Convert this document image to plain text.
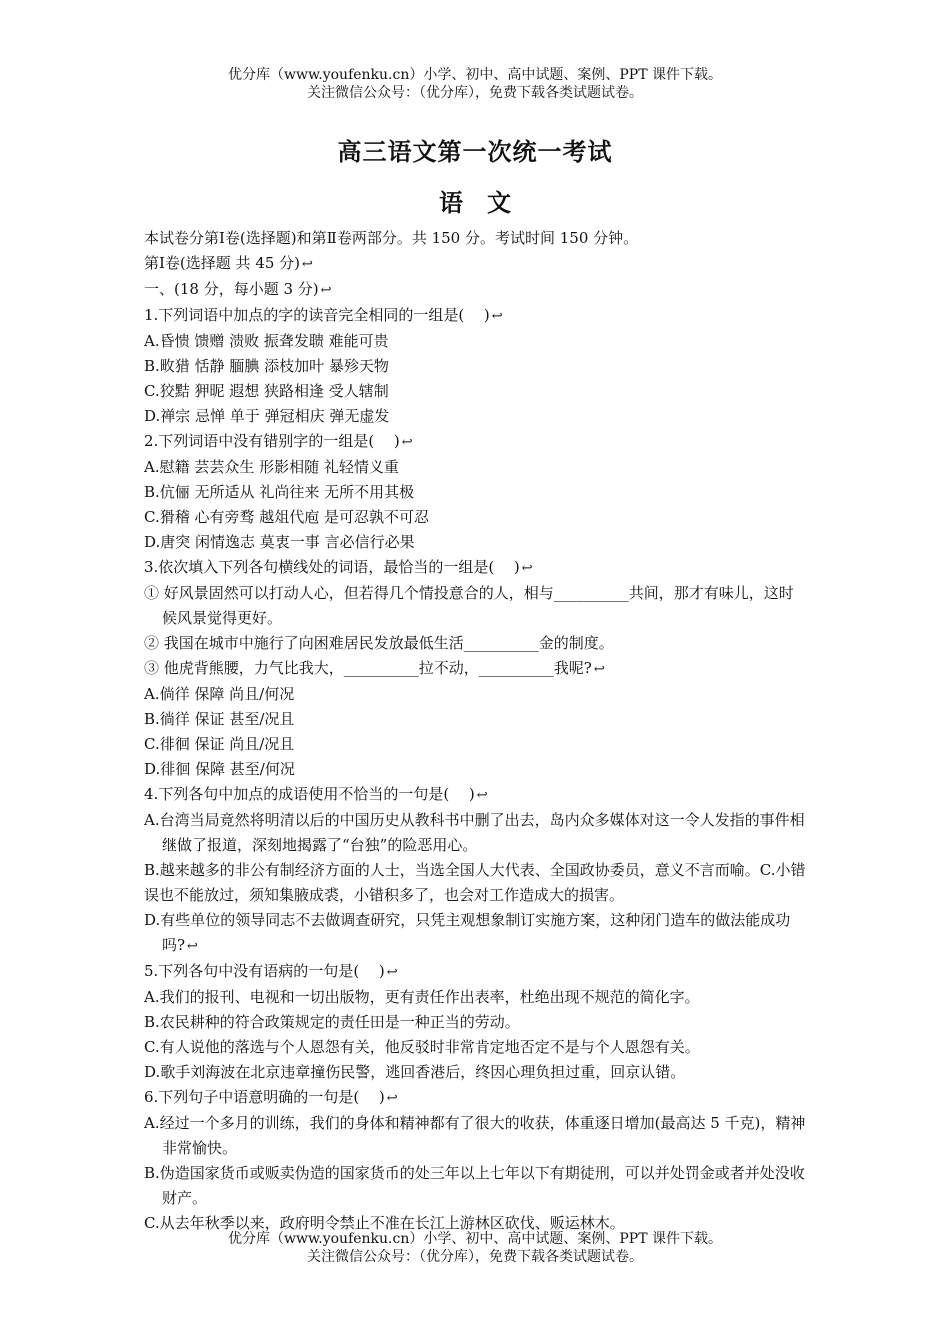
优分库（www.youfenku.cn）小学、初中、高中试题、案例、PPT 课件下载。
关注微信公众号：（优分库），免费下载各类试题试卷。
高三语文第一次统一考试
语　文
本试卷分第Ⅰ卷(选择题)和第Ⅱ卷两部分。共 150 分。考试时间 150 分钟。
第Ⅰ卷(选择题 共 45 分) ↩
一、(18 分，每小题 3 分) ↩
1.下列词语中加点的字的读音完全相同的一组是(　 ) ↩
A.昏愦 馈赠 溃败 振聋发聩 难能可贵
B.畋猎 恬静 腼腆 添枝加叶 暴殄天物
C.狡黠 狎昵 遐想 狭路相逢 受人辖制
D.禅宗 忌惮 单于 弹冠相庆 弹无虚发
2.下列词语中没有错别字的一组是(　 ) ↩
A.慰籍 芸芸众生 形影相随 礼轻情义重
B.伉俪 无所适从 礼尚往来 无所不用其极
C.猾稽 心有旁骛 越俎代庖 是可忍孰不可忍
D.唐突 闲情逸志 莫衷一事 言必信行必果
3.依次填入下列各句横线处的词语，最恰当的一组是(　 ) ↩
① 好风景固然可以打动人心，但若得几个情投意合的人，相与__________共间，那才有味儿，这时候风景觉得更好。
② 我国在城市中施行了向困难居民发放最低生活__________金的制度。
③ 他虎背熊腰，力气比我大，__________拉不动，__________我呢? ↩
A.倘徉 保障 尚且/何况
B.徜徉 保证 甚至/况且
C.徘徊 保证 尚且/况且
D.徘徊 保障 甚至/何况
4.下列各句中加点的成语使用不恰当的一句是(　 ) ↩
A.台湾当局竟然将明清以后的中国历史从教科书中删了出去，岛内众多媒体对这一令人发指的事件相继做了报道，深刻地揭露了“台独”的险恶用心。
B.越来越多的非公有制经济方面的人士，当选全国人大代表、全国政协委员，意义不言而喻。C.小错误也不能放过，须知集腋成裘，小错积多了，也会对工作造成大的损害。
D.有些单位的领导同志不去做调查研究，只凭主观想象制订实施方案，这种闭门造车的做法能成功吗? ↩
5.下列各句中没有语病的一句是(　 ) ↩
A.我们的报刊、电视和一切出版物，更有责任作出表率，杜绝出现不规范的简化字。
B.农民耕种的符合政策规定的责任田是一种正当的劳动。
C.有人说他的落选与个人恩怨有关，他反驳时非常肯定地否定不是与个人恩怨有关。
D.歌手刘海波在北京违章撞伤民警，逃回香港后，终因心理负担过重，回京认错。
6.下列句子中语意明确的一句是(　 ) ↩
A.经过一个多月的训练，我们的身体和精神都有了很大的收获，体重逐日增加(最高达 5 千克)，精神非常愉快。
B.伪造国家货币或贩卖伪造的国家货币的处三年以上七年以下有期徒刑，可以并处罚金或者并处没收财产。
C.从去年秋季以来，政府明令禁止不准在长江上游林区砍伐、贩运林木。
优分库（www.youfenku.cn）小学、初中、高中试题、案例、PPT 课件下载。
关注微信公众号：（优分库），免费下载各类试题试卷。
